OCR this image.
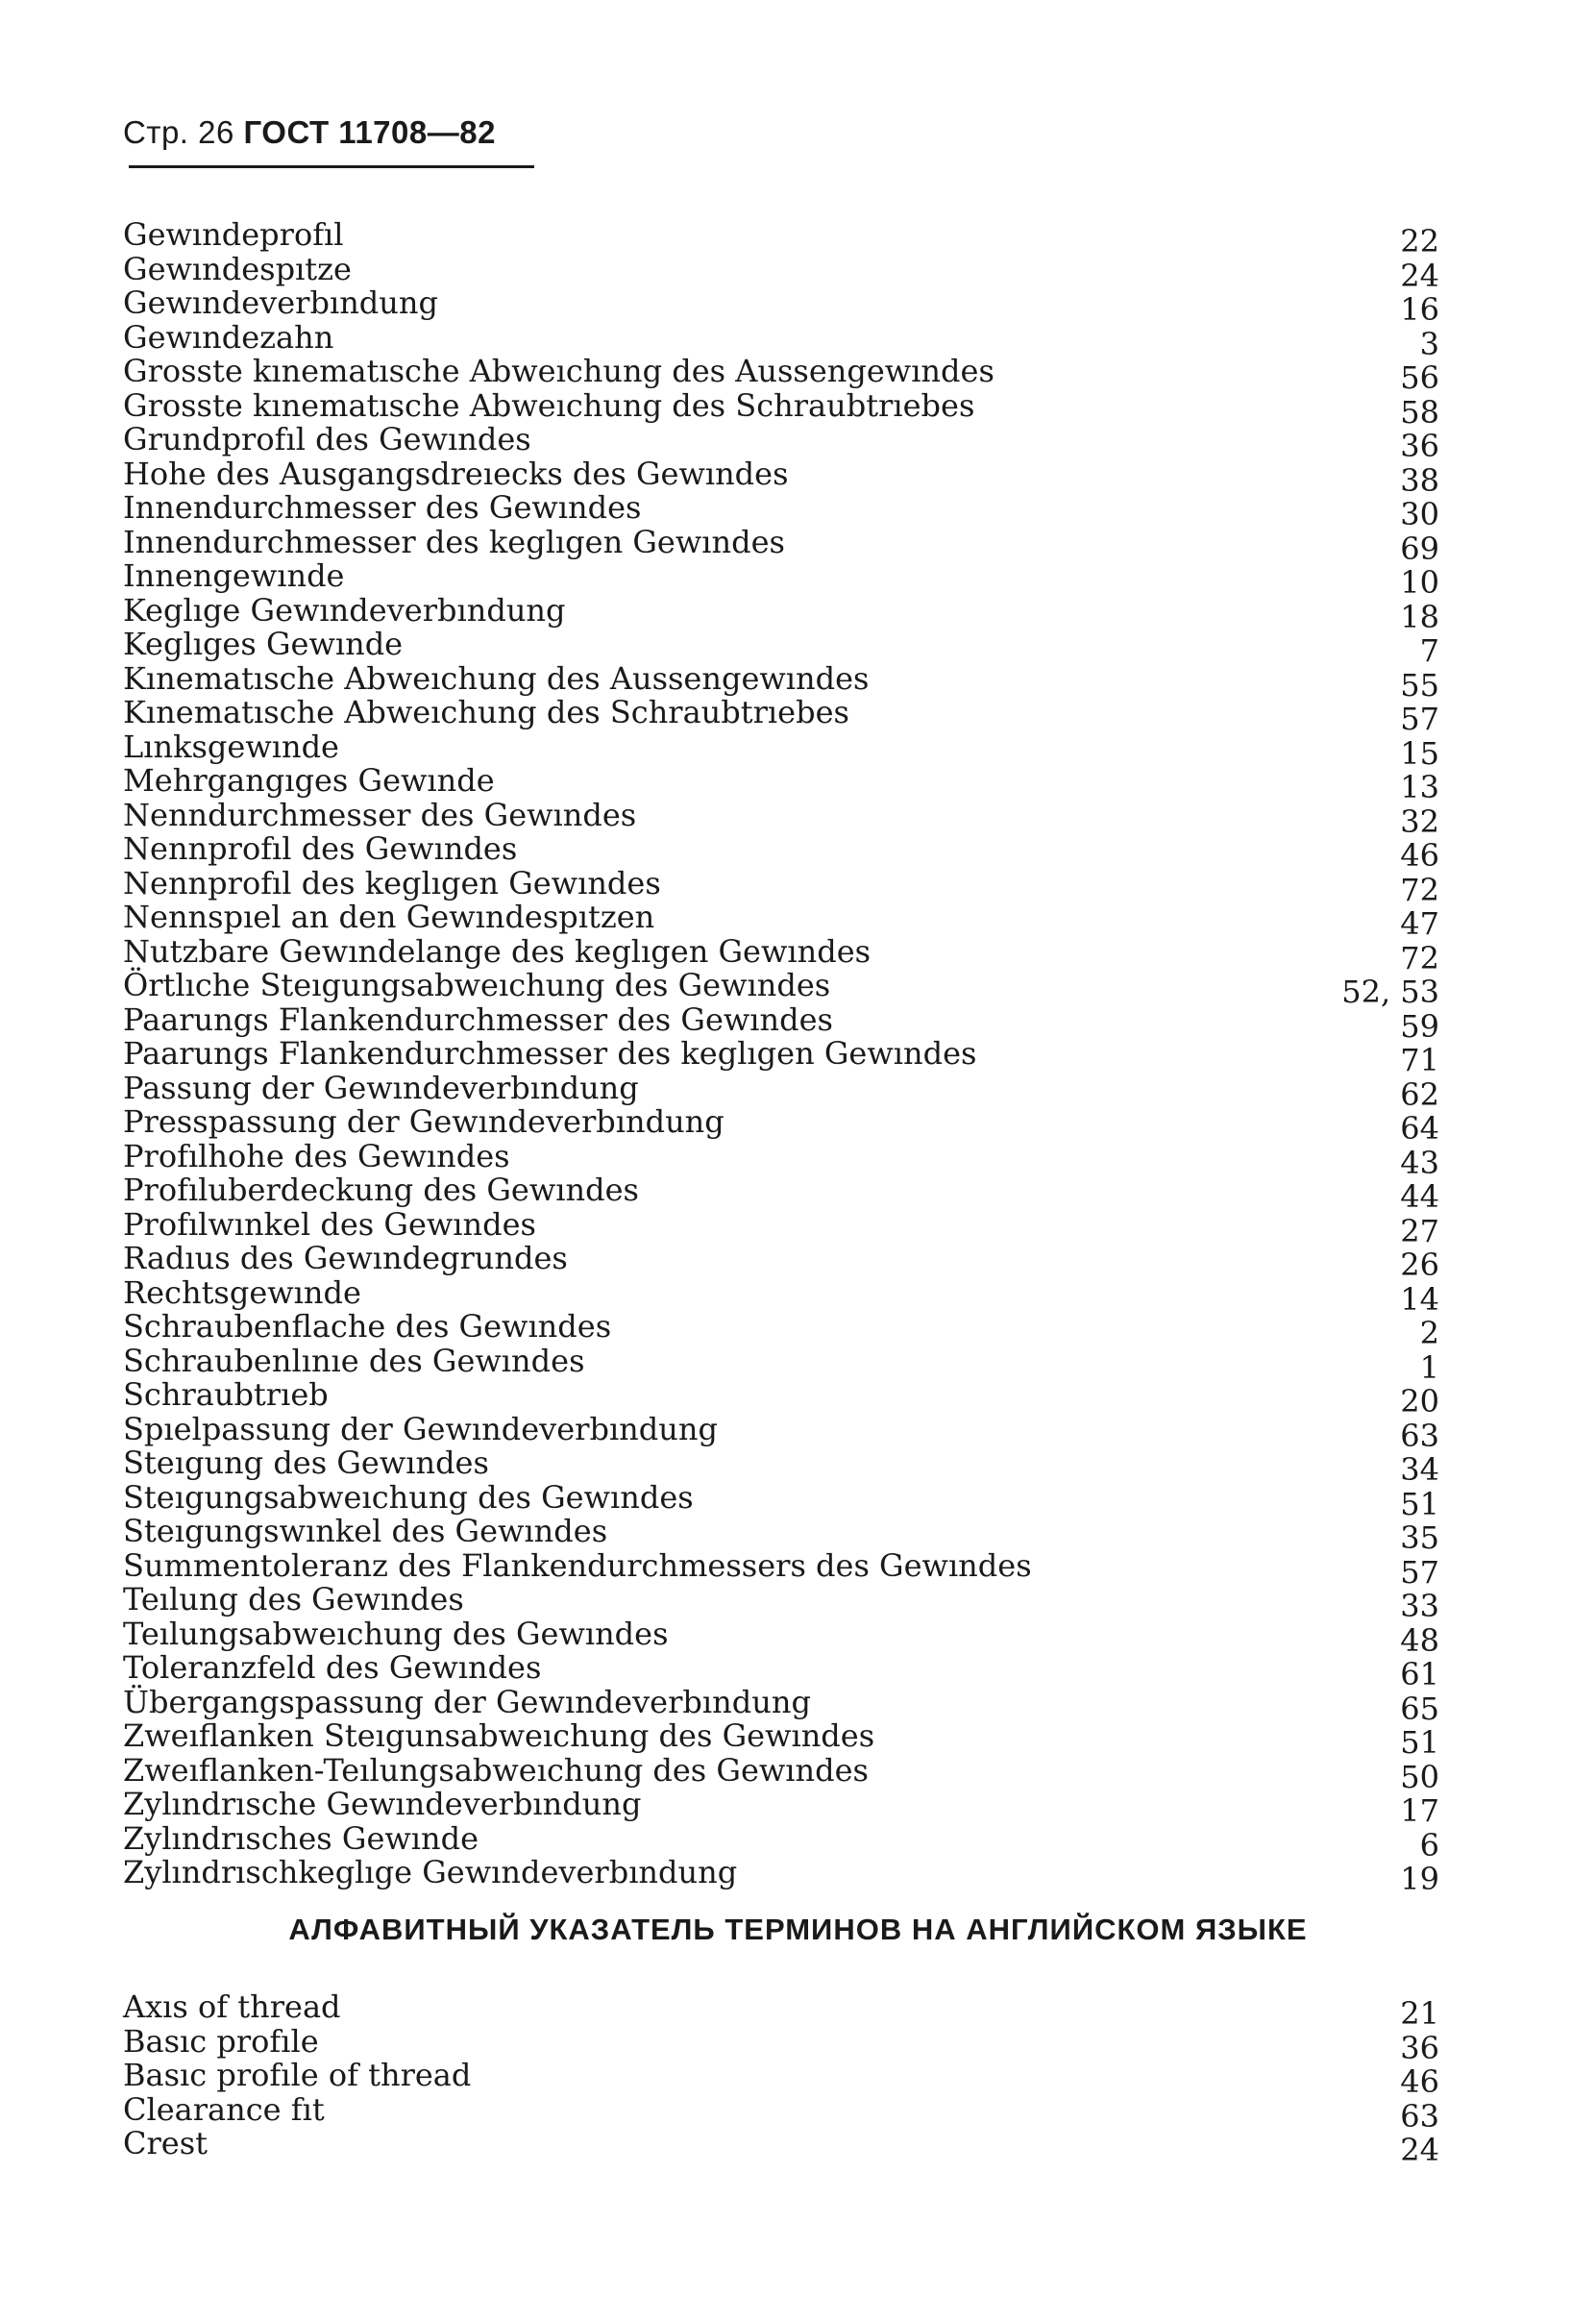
Стр. 26 ГОСТ 11708—82
Gewındeprofıl	22
Gewındespıtze	24
Gewındeverbındung	16
Gewındezahn	3
Grosste kınematısche Abweıchung des Aussengewındes	56
Grosste kınematısche Abweıchung des Schraubtrıebes	58
Grundprofıl des Gewındes	36
Hohe des Ausgangsdreıecks des Gewındes	38
Innendurchmesser des Gewındes	30
Innendurchmesser des keglıgen Gewındes	69
Innengewınde	10
Keglıge Gewındeverbındung	18
Keglıges Gewınde	7
Kınematısche Abweıchung des Aussengewındes	55
Kınematısche Abweıchung des Schraubtrıebes	57
Lınksgewınde	15
Mehrgangıges Gewınde	13
Nenndurchmesser des Gewındes	32
Nennprofıl des Gewındes	46
Nennprofıl des keglıgen Gewındes	72
Nennspıel an den Gewındespıtzen	47
Nutzbare Gewındelange des keglıgen Gewındes	72
Örtlıche Steıgungsabweıchung des Gewındes	52, 53
Paarungs Flankendurchmesser des Gewındes	59
Paarungs Flankendurchmesser des keglıgen Gewındes	71
Passung der Gewındeverbındung	62
Presspassung der Gewındeverbındung	64
Profılhohe des Gewındes	43
Profıluberdeckung des Gewındes	44
Profılwınkel des Gewındes	27
Radıus des Gewındegrundes	26
Rechtsgewınde	14
Schraubenflache des Gewındes	2
Schraubenlınıe des Gewındes	1
Schraubtrıeb	20
Spıelpassung der Gewındeverbındung	63
Steıgung des Gewındes	34
Steıgungsabweıchung des Gewındes	51
Steıgungswınkel des Gewındes	35
Summentoleranz des Flankendurchmessers des Gewındes	57
Teılung des Gewındes	33
Teılungsabweıchung des Gewındes	48
Toleranzfeld des Gewındes	61
Übergangspassung der Gewındeverbındung	65
Zweıflanken Steıgunsabweıchung des Gewındes	51
Zweıflanken-Teılungsabweıchung des Gewındes	50
Zylındrısche Gewındeverbındung	17
Zylındrısches Gewınde	6
Zylındrıschkeglıge Gewındeverbındung	19
АЛФАВИТНЫЙ УКАЗАТЕЛЬ ТЕРМИНОВ НА АНГЛИЙСКОМ ЯЗЫКЕ
Axıs of thread	21
Basıc profıle	36
Basıc profıle of thread	46
Clearance fıt	63
Crest	24
